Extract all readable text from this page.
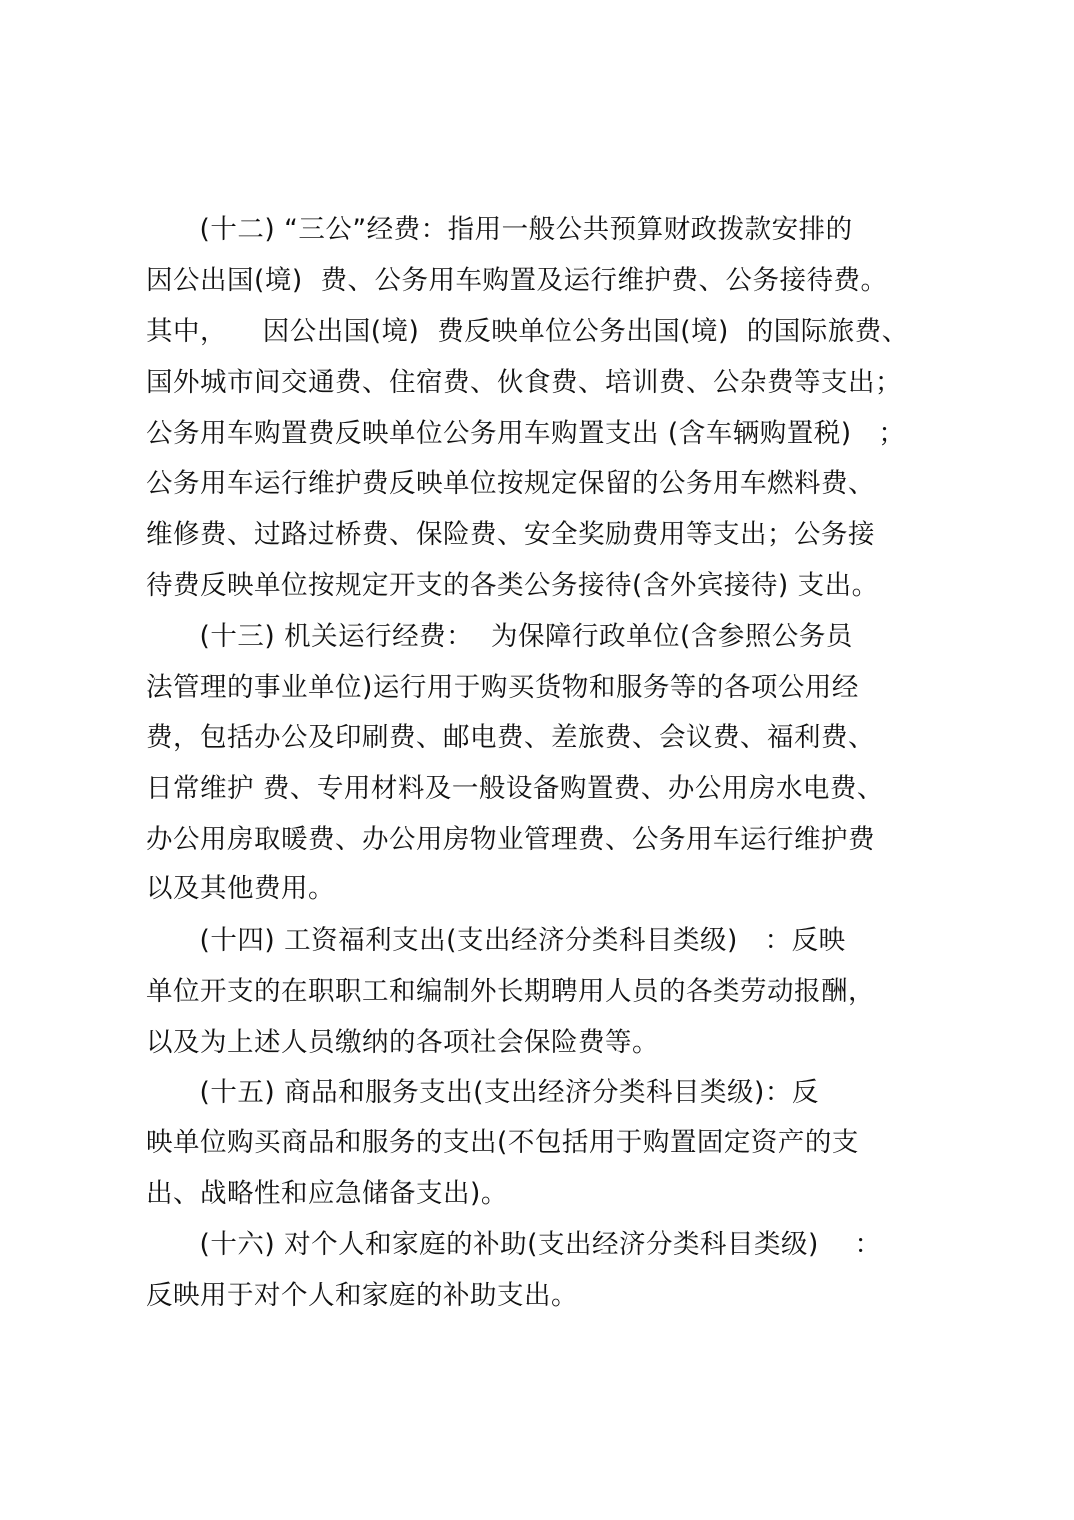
(十二) “三公”经费：指用一般公共预算财政拨款安排的
因公出国(境)  费、公务用车购置及运行维护费、公务接待费。
其中，    因公出国(境)  费反映单位公务出国(境)  的国际旅费、
国外城市间交通费、住宿费、伙食费、培训费、公杂费等支出；
公务用车购置费反映单位公务用车购置支出 (含车辆购置税)   ；
公务用车运行维护费反映单位按规定保留的公务用车燃料费、
维修费、过路过桥费、保险费、安全奖励费用等支出；公务接
待费反映单位按规定开支的各类公务接待(含外宾接待) 支出。
(十三) 机关运行经费：  为保障行政单位(含参照公务员
法管理的事业单位)运行用于购买货物和服务等的各项公用经
费，包括办公及印刷费、邮电费、差旅费、会议费、福利费、
日常维护 费、专用材料及一般设备购置费、办公用房水电费、
办公用房取暖费、办公用房物业管理费、公务用车运行维护费
以及其他费用。
(十四) 工资福利支出(支出经济分类科目类级)   ：反映
单位开支的在职职工和编制外长期聘用人员的各类劳动报酬，
以及为上述人员缴纳的各项社会保险费等。
(十五) 商品和服务支出(支出经济分类科目类级)：反
映单位购买商品和服务的支出(不包括用于购置固定资产的支
出、战略性和应急储备支出)。
(十六) 对个人和家庭的补助(支出经济分类科目类级)    ：
反映用于对个人和家庭的补助支出。
